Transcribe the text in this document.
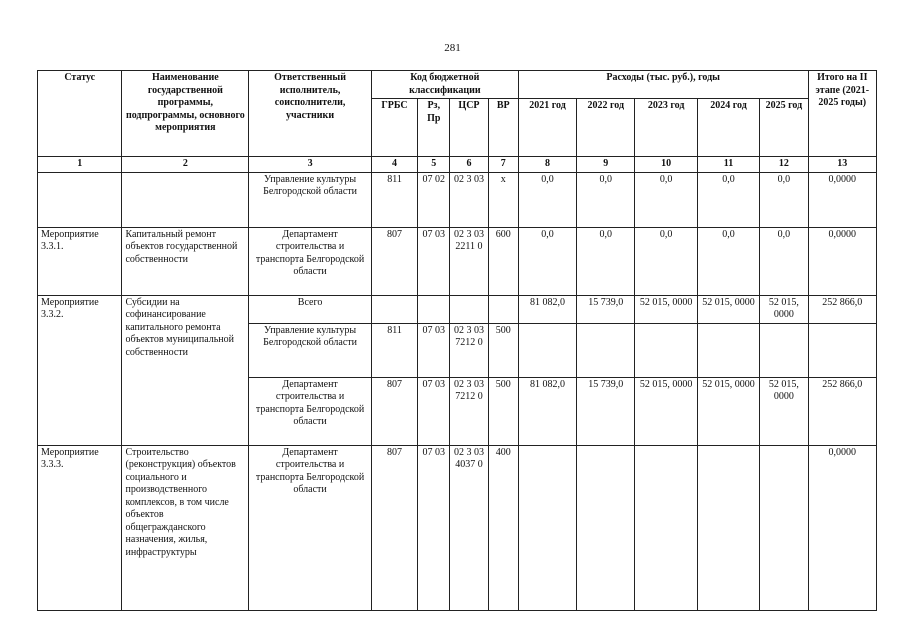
281
Статус	Наименование государственной программы, подпрограммы, основного мероприятия	Ответственный исполнитель, соисполнители, участники	Код бюджетной классификации				Расходы (тыс. руб.), годы					Итого на II этапе (2021-2025 годы)
			ГРБС	Рз, Пр	ЦСР	ВР	2021 год	2022 год	2023 год	2024 год	2025 год	
1	2	3	4	5	6	7	8	9	10	11	12	13
		Управление культуры Белгородской области	811	07 02	02 3 03	х	0,0	0,0	0,0	0,0	0,0	0,0000
Мероприятие 3.3.1.	Капитальный ремонт объектов государственной собственности	Департамент строительства и транспорта Белгородской области	807	07 03	02 3 03 2211 0	600	0,0	0,0	0,0	0,0	0,0	0,0000
Мероприятие 3.3.2.	Субсидии на софинансирование капитального ремонта объектов муниципальной собственности	Всего					81 082,0	15 739,0	52 015, 0000	52 015, 0000	52 015, 0000	252 866,0
		Управление культуры Белгородской области	811	07 03	02 3 03 7212 0	500						
		Департамент строительства и транспорта Белгородской области	807	07 03	02 3 03 7212 0	500	81 082,0	15 739,0	52 015, 0000	52 015, 0000	52 015, 0000	252 866,0
Мероприятие 3.3.3.	Строительство (реконструкция) объектов социального и производственного комплексов, в том числе объектов общегражданского назначения, жилья, инфраструктуры	Департамент строительства и транспорта Белгородской области	807	07 03	02 3 03 4037 0	400						0,0000
